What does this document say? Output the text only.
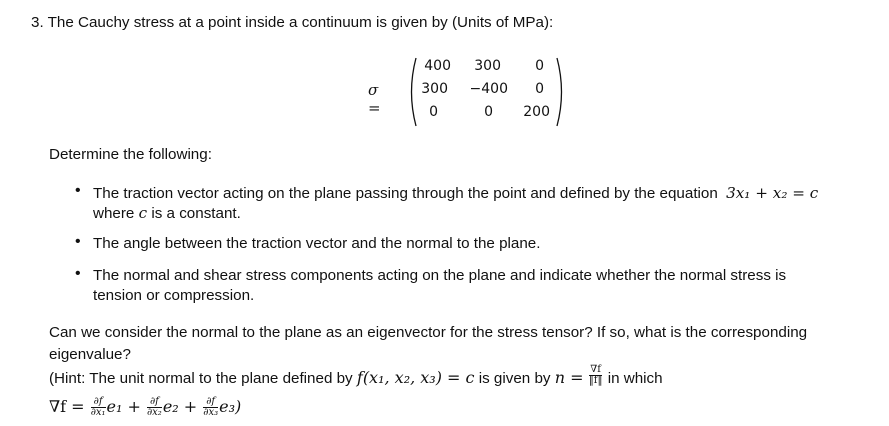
3. The Cauchy stress at a point inside a continuum is given by (Units of MPa):
σ =
400	300	0
300	−400	0
0	0	200
Determine the following:
• The traction vector acting on the plane passing through the point and defined by the equation 3x₁ + x₂ = c
where c is a constant.
• The angle between the traction vector and the normal to the plane.
• The normal and shear stress components acting on the plane and indicate whether the normal stress is
tension or compression.
Can we consider the normal to the plane as an eigenvector for the stress tensor? If so, what is the corresponding
eigenvalue?
(Hint: The unit normal to the plane defined by f(x₁, x₂, x₃) = c is given by $n = \frac{\nabla f}{‖f‖}$ in which
$\nabla f = \frac{\partial f}{\text{∂x₁}} e_1 + \frac{\partial f}{\text{∂x₂}} e_2 + \frac{\partial f}{\text{∂x₃}} e_3$)
